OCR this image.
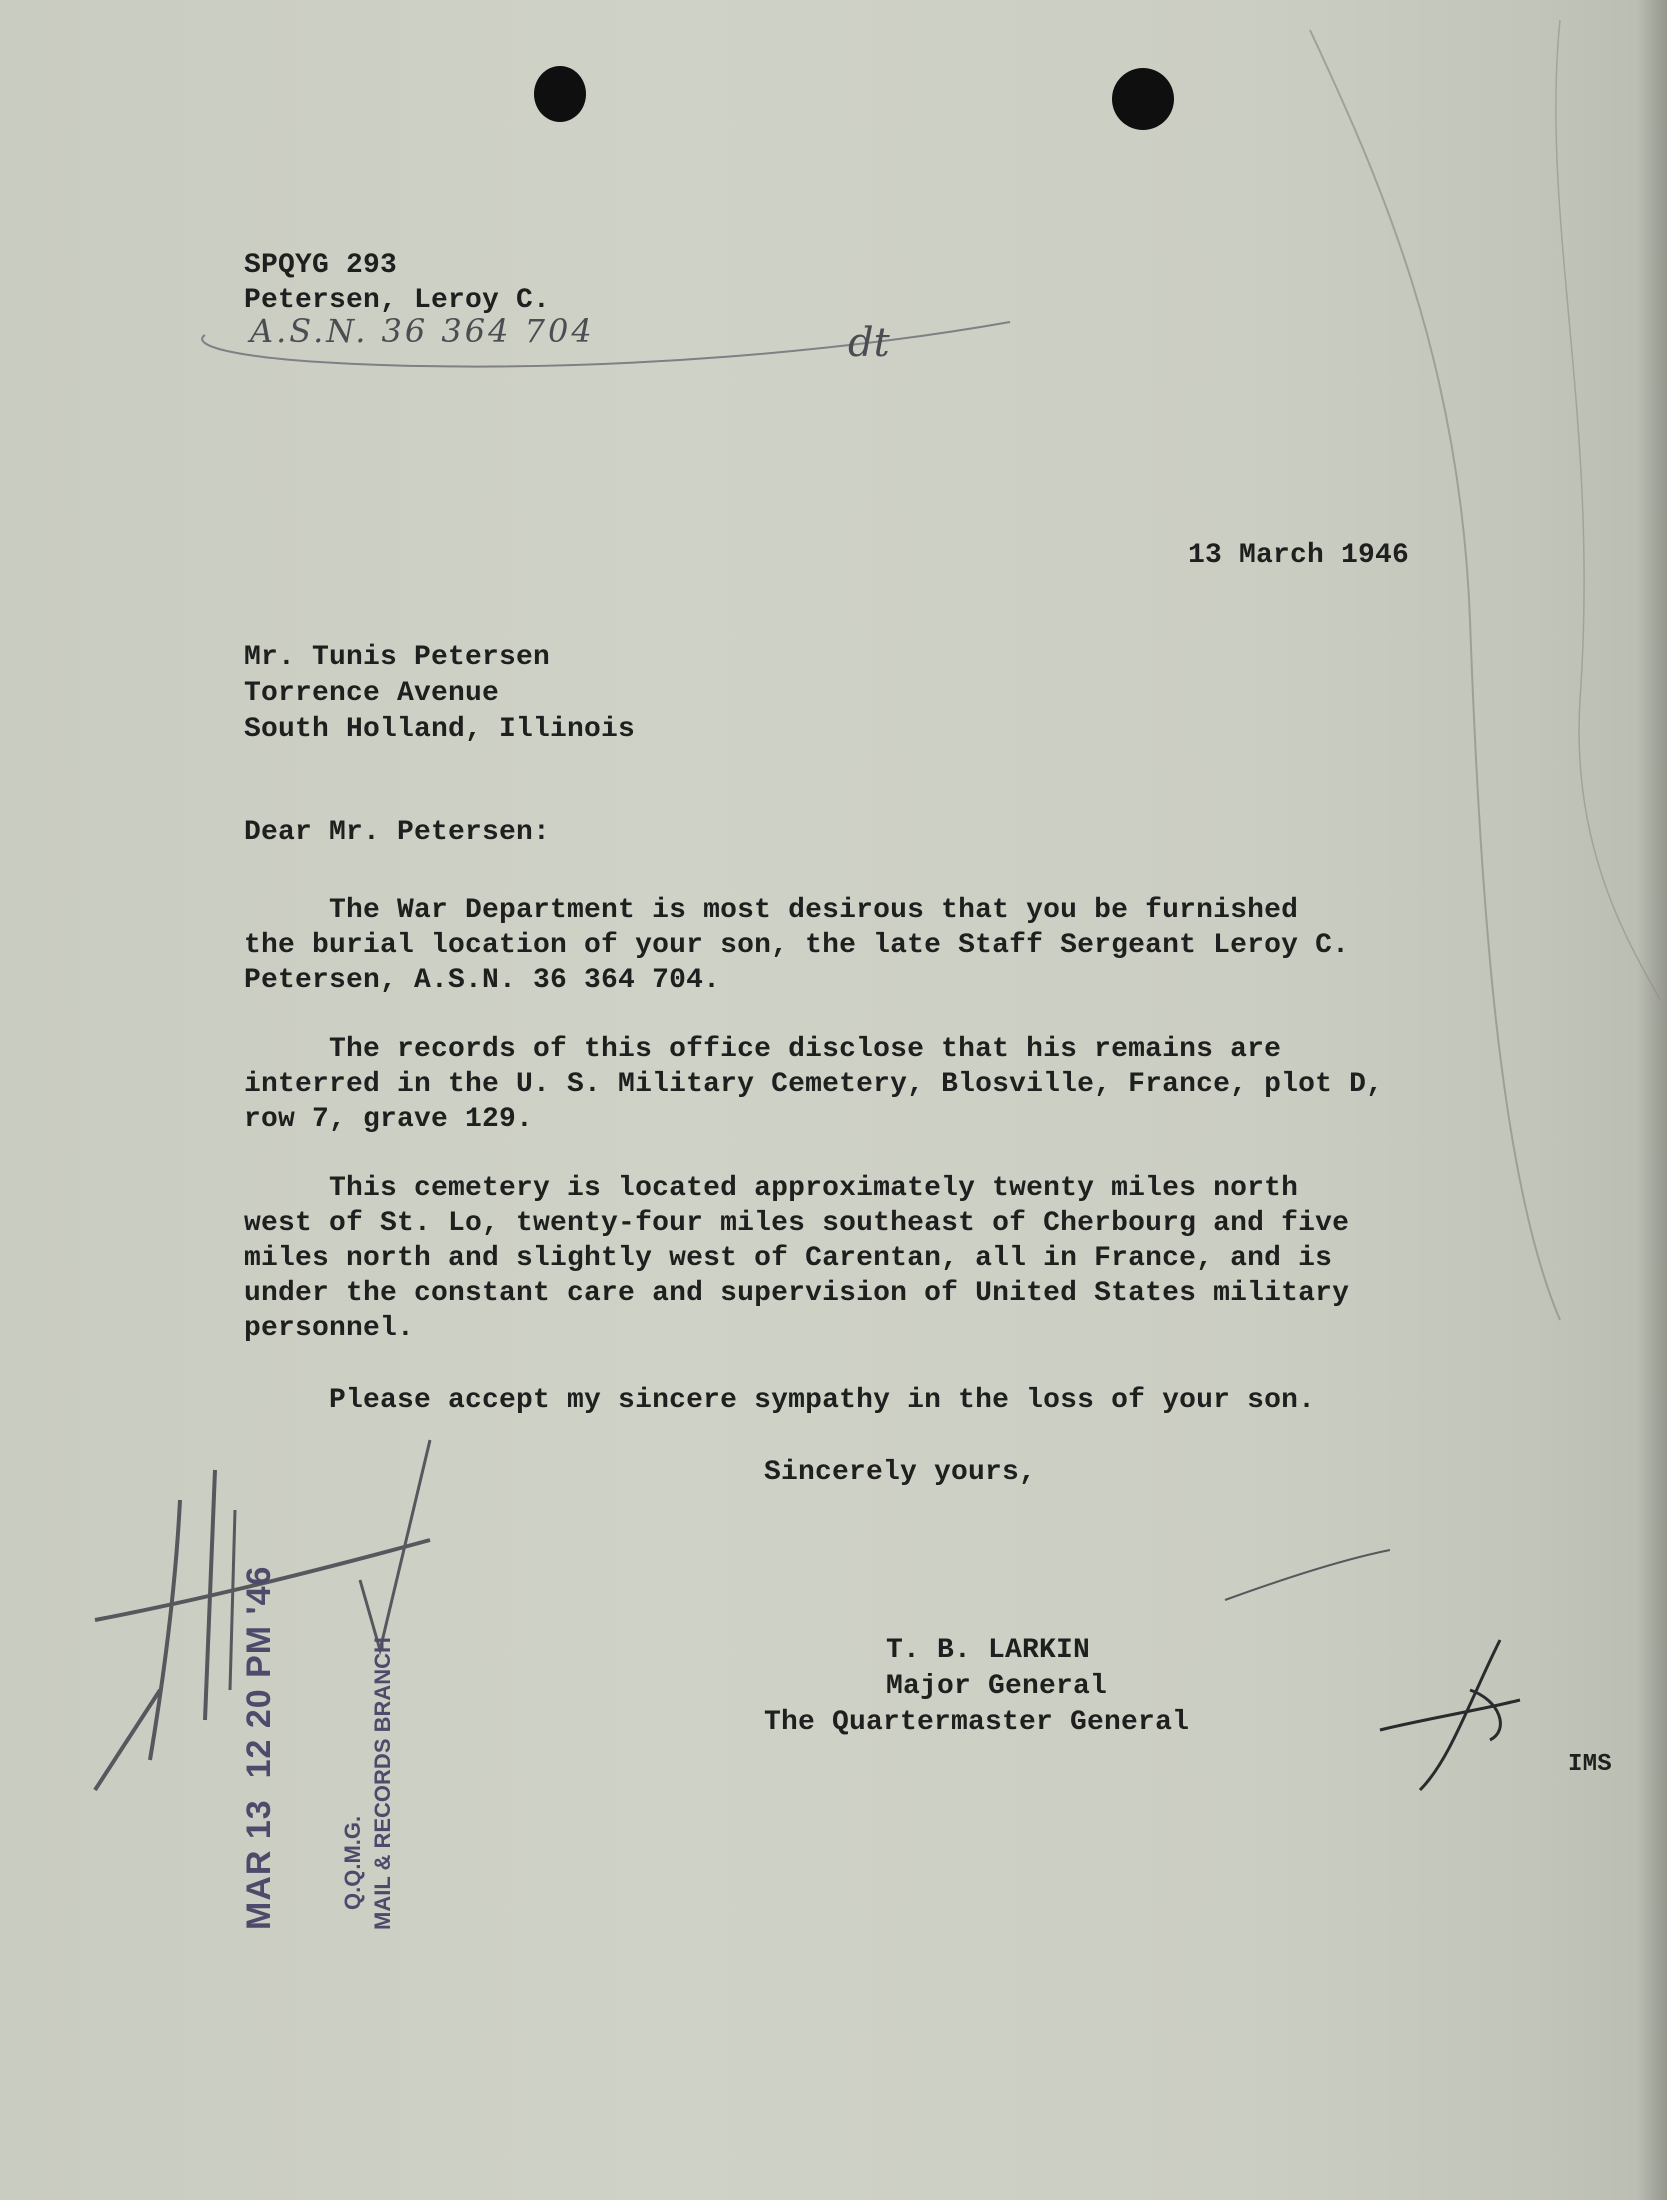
SPQYG 293
Petersen, Leroy C.
A.S.N. 36 364 704	dt
13 March 1946
Mr. Tunis Petersen
Torrence Avenue
South Holland, Illinois
Dear Mr. Petersen:
The War Department is most desirous that you be furnished
the burial location of your son, the late Staff Sergeant Leroy C.
Petersen, A.S.N. 36 364 704.
The records of this office disclose that his remains are
interred in the U. S. Military Cemetery, Blosville, France, plot D,
row 7, grave 129.
This cemetery is located approximately twenty miles north
west of St. Lo, twenty-four miles southeast of Cherbourg and five
miles north and slightly west of Carentan, all in France, and is
under the constant care and supervision of United States military
personnel.
Please accept my sincere sympathy in the loss of your son.
Sincerely yours,
T. B. LARKIN
Major General
The Quartermaster General
IMS
MAR 13  12 20 PM '46	Q.Q.M.G. MAIL & RECORDS BRANCH
